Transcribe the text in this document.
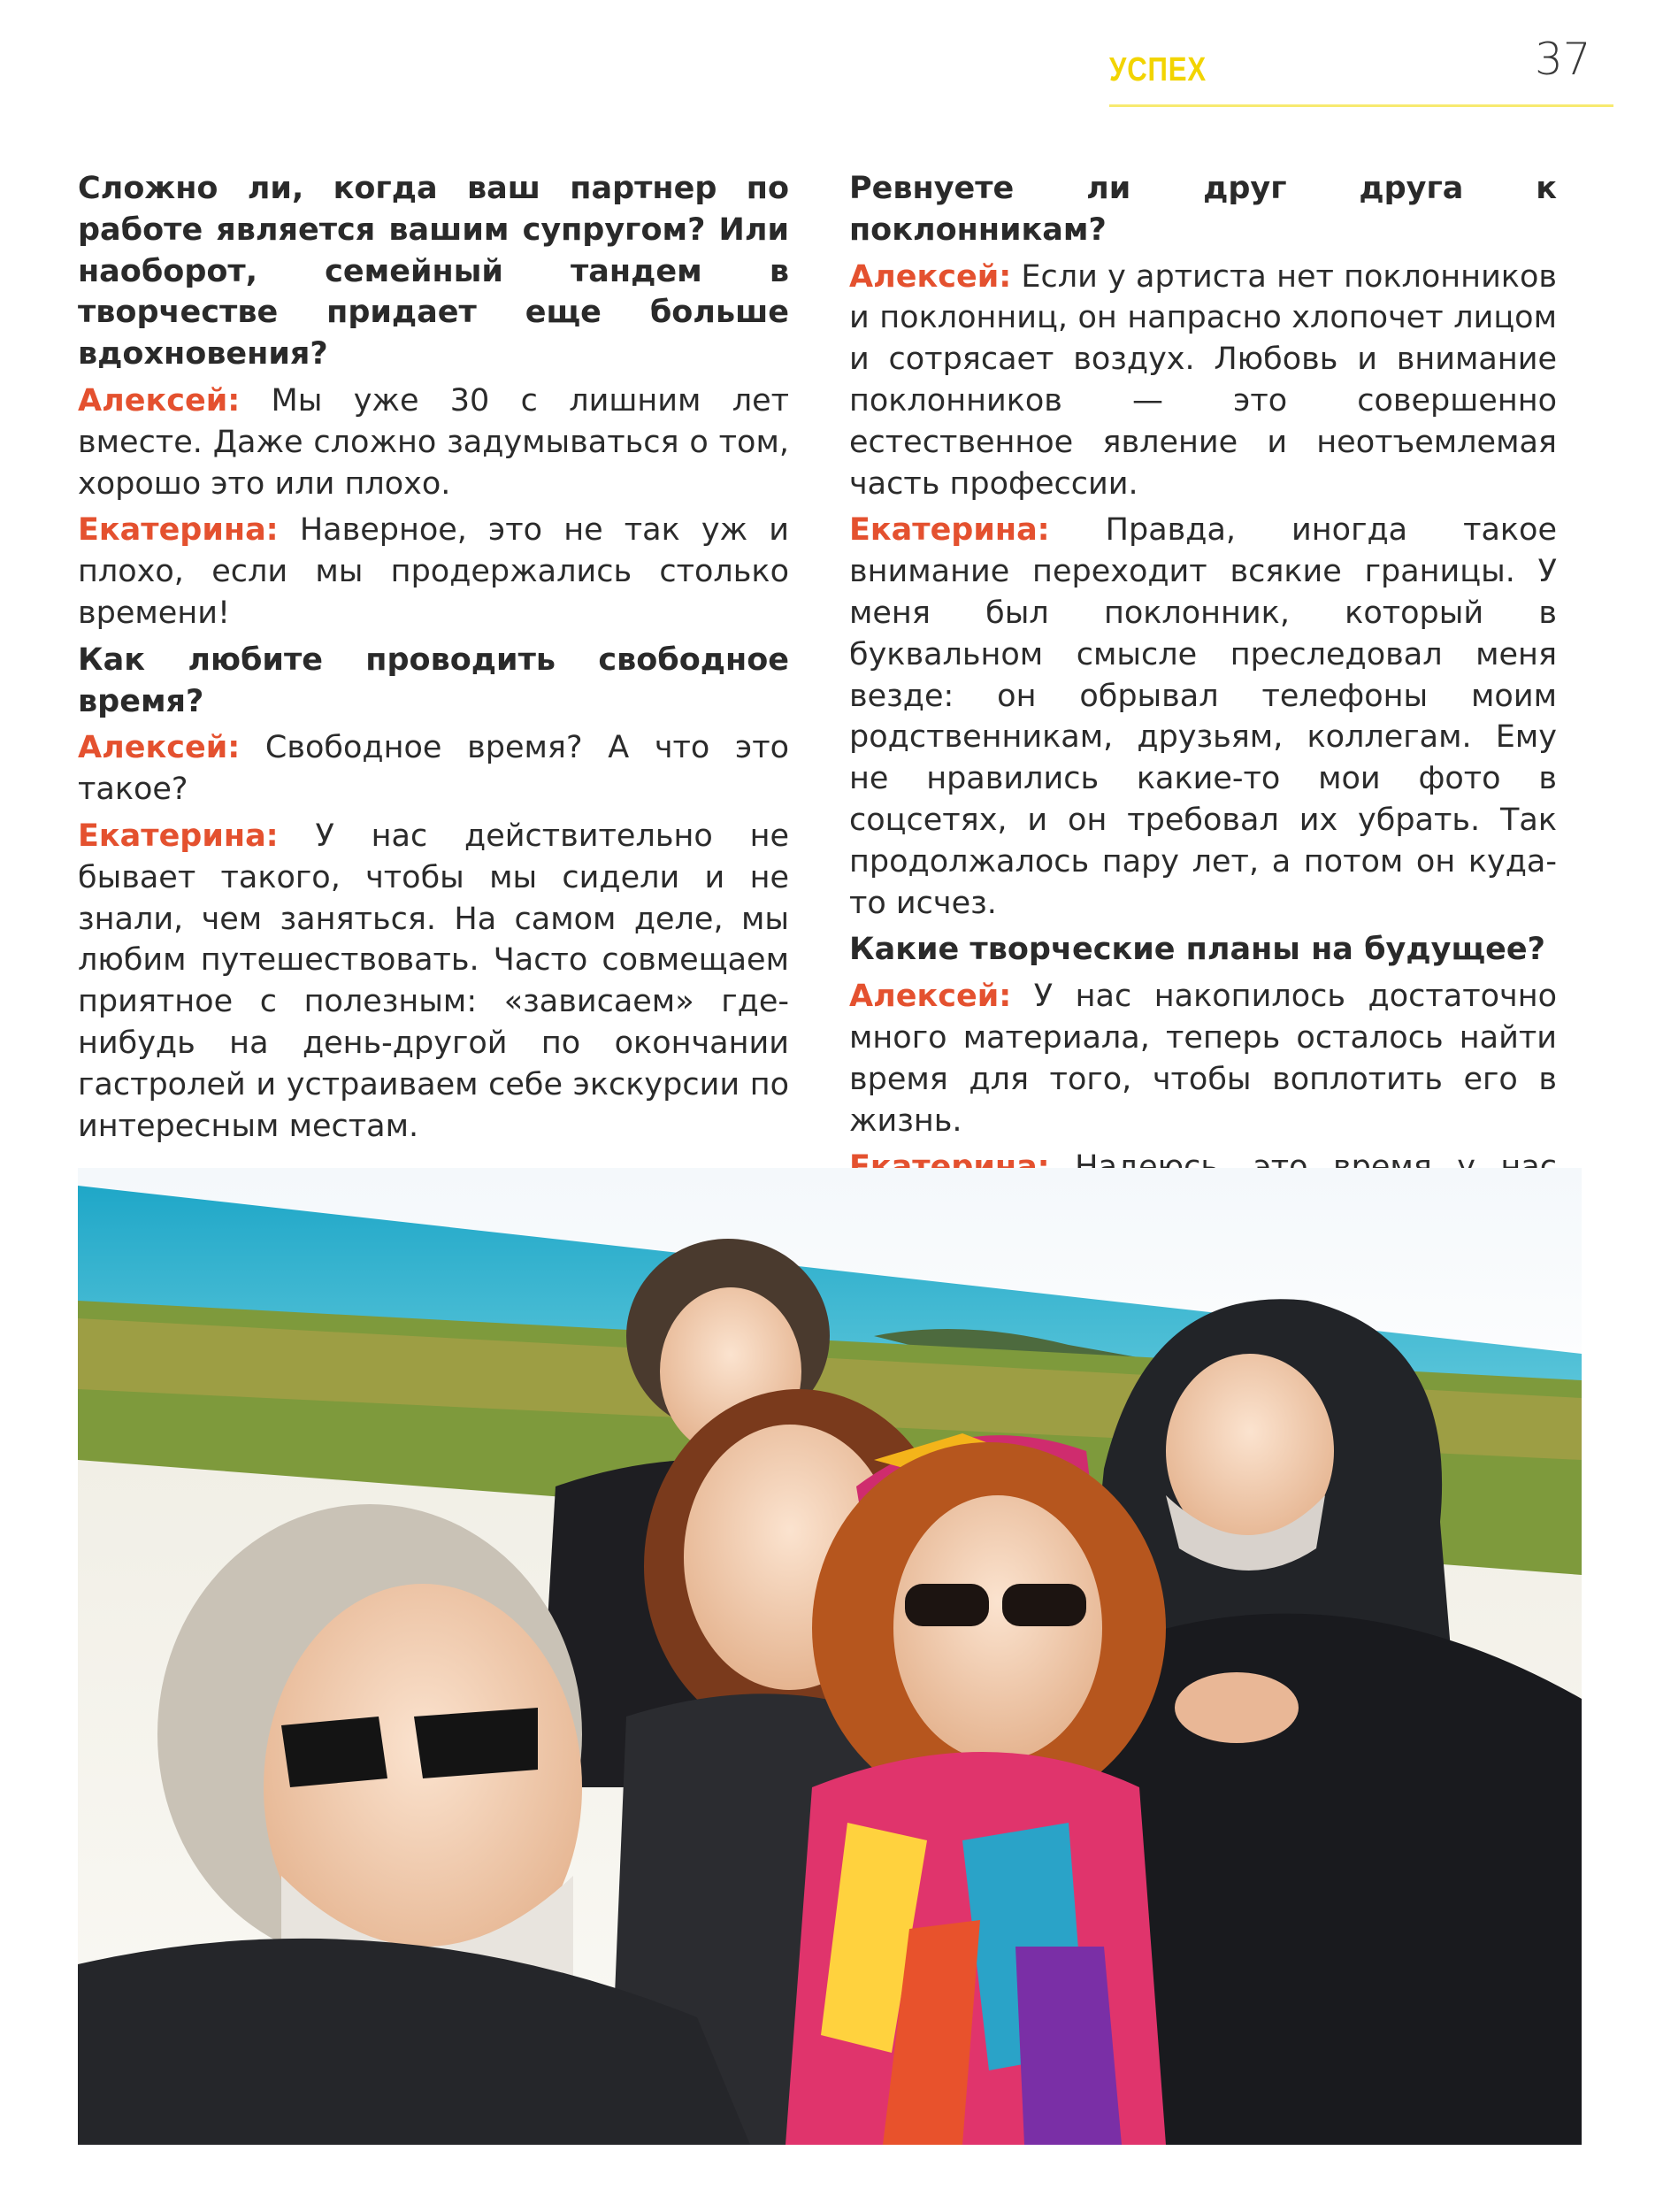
УСПЕХ	37

Сложно ли, когда ваш партнер по работе является вашим супругом? Или наоборот, семейный тандем в творчестве придает еще больше вдохновения?

Алексей: Мы уже 30 с лишним лет вместе. Даже сложно задумываться о том, хорошо это или плохо.

Екатерина: Наверное, это не так уж и плохо, если мы продержались столько времени!

Как любите проводить свободное время?

Алексей: Свободное время? А что это такое?

Екатерина: У нас действительно не бывает такого, чтобы мы сидели и не знали, чем заняться. На самом деле, мы любим путешествовать. Часто совмещаем приятное с полезным: «зависаем» где-нибудь на день-другой по окончании гастролей и устраиваем себе экскурсии по интересным местам.

Ревнуете ли друг друга к поклонникам?

Алексей: Если у артиста нет поклонников и поклонниц, он напрасно хлопочет лицом и сотрясает воздух. Любовь и внимание поклонников — это совершенно естественное явление и неотъемлемая часть профессии.

Екатерина: Правда, иногда такое внимание переходит всякие границы. У меня был поклонник, который в буквальном смысле преследовал меня везде: он обрывал телефоны моим родственникам, друзьям, коллегам. Ему не нравились какие-то мои фото в соцсетях, и он требовал их убрать. Так продолжалось пару лет, а потом он куда-то исчез.

Какие творческие планы на будущее?

Алексей: У нас накопилось достаточно много материала, теперь осталось найти время для того, чтобы воплотить его в жизнь.
